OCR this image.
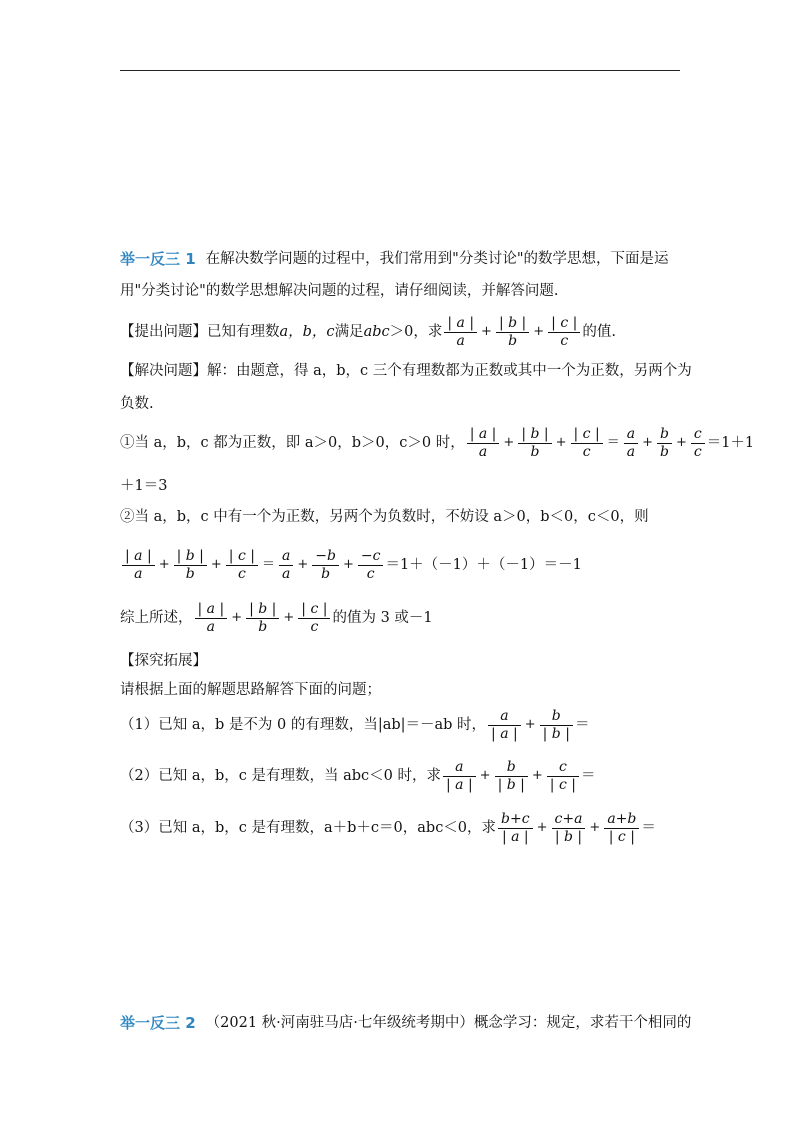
举一反三 1 在解决数学问题的过程中，我们常用到"分类讨论"的数学思想，下面是运
用"分类讨论"的数学思想解决问题的过程，请仔细阅读，并解答问题.
【提出问题】已知有理数 a，b，c 满足 abc ＞0，求 $\frac{| a |}{a} + \frac{| b |}{b} + \frac{| c |}{c}$ 的值.
【解决问题】解：由题意，得 a，b，c 三个有理数都为正数或其中一个为正数，另两个为
负数.
①当 a，b，c 都为正数，即 a＞0，b＞0，c＞0 时， $\frac{| a |}{a} + \frac{| b |}{b} + \frac{| c |}{c} = \frac{a}{a} + \frac{b}{b} + \frac{c}{c} =1+1$
＋1＝3
②当 a，b，c 中有一个为正数，另两个为负数时，不妨设 a＞0，b＜0，c＜0，则
$\frac{| a |}{a} + \frac{| b |}{b} + \frac{| c |}{c} = \frac{a}{a} + \frac{-b}{b} + \frac{-c}{c} =1+(-1)+(-1)=-1$
综上所述， $\frac{| a |}{a} + \frac{| b |}{b} + \frac{| c |}{c}$ 的值为 3 或－1
【探究拓展】
请根据上面的解题思路解答下面的问题；
（1）已知 a，b 是不为 0 的有理数，当|ab|＝－ab 时， $\frac{a}{| a |} + \frac{b}{| b |}$ ＝
（2）已知 a，b，c 是有理数，当 abc＜0 时，求 $\frac{a}{| a |} + \frac{b}{| b |} + \frac{c}{| c |}$ ＝
（3）已知 a，b，c 是有理数，a＋b＋c＝0，abc＜0，求 $\frac{b+c}{| a |} + \frac{c+a}{| b |} + \frac{a+b}{| c |}$ ＝
举一反三 2 （2021 秋·河南驻马店·七年级统考期中）概念学习：规定，求若干个相同的
